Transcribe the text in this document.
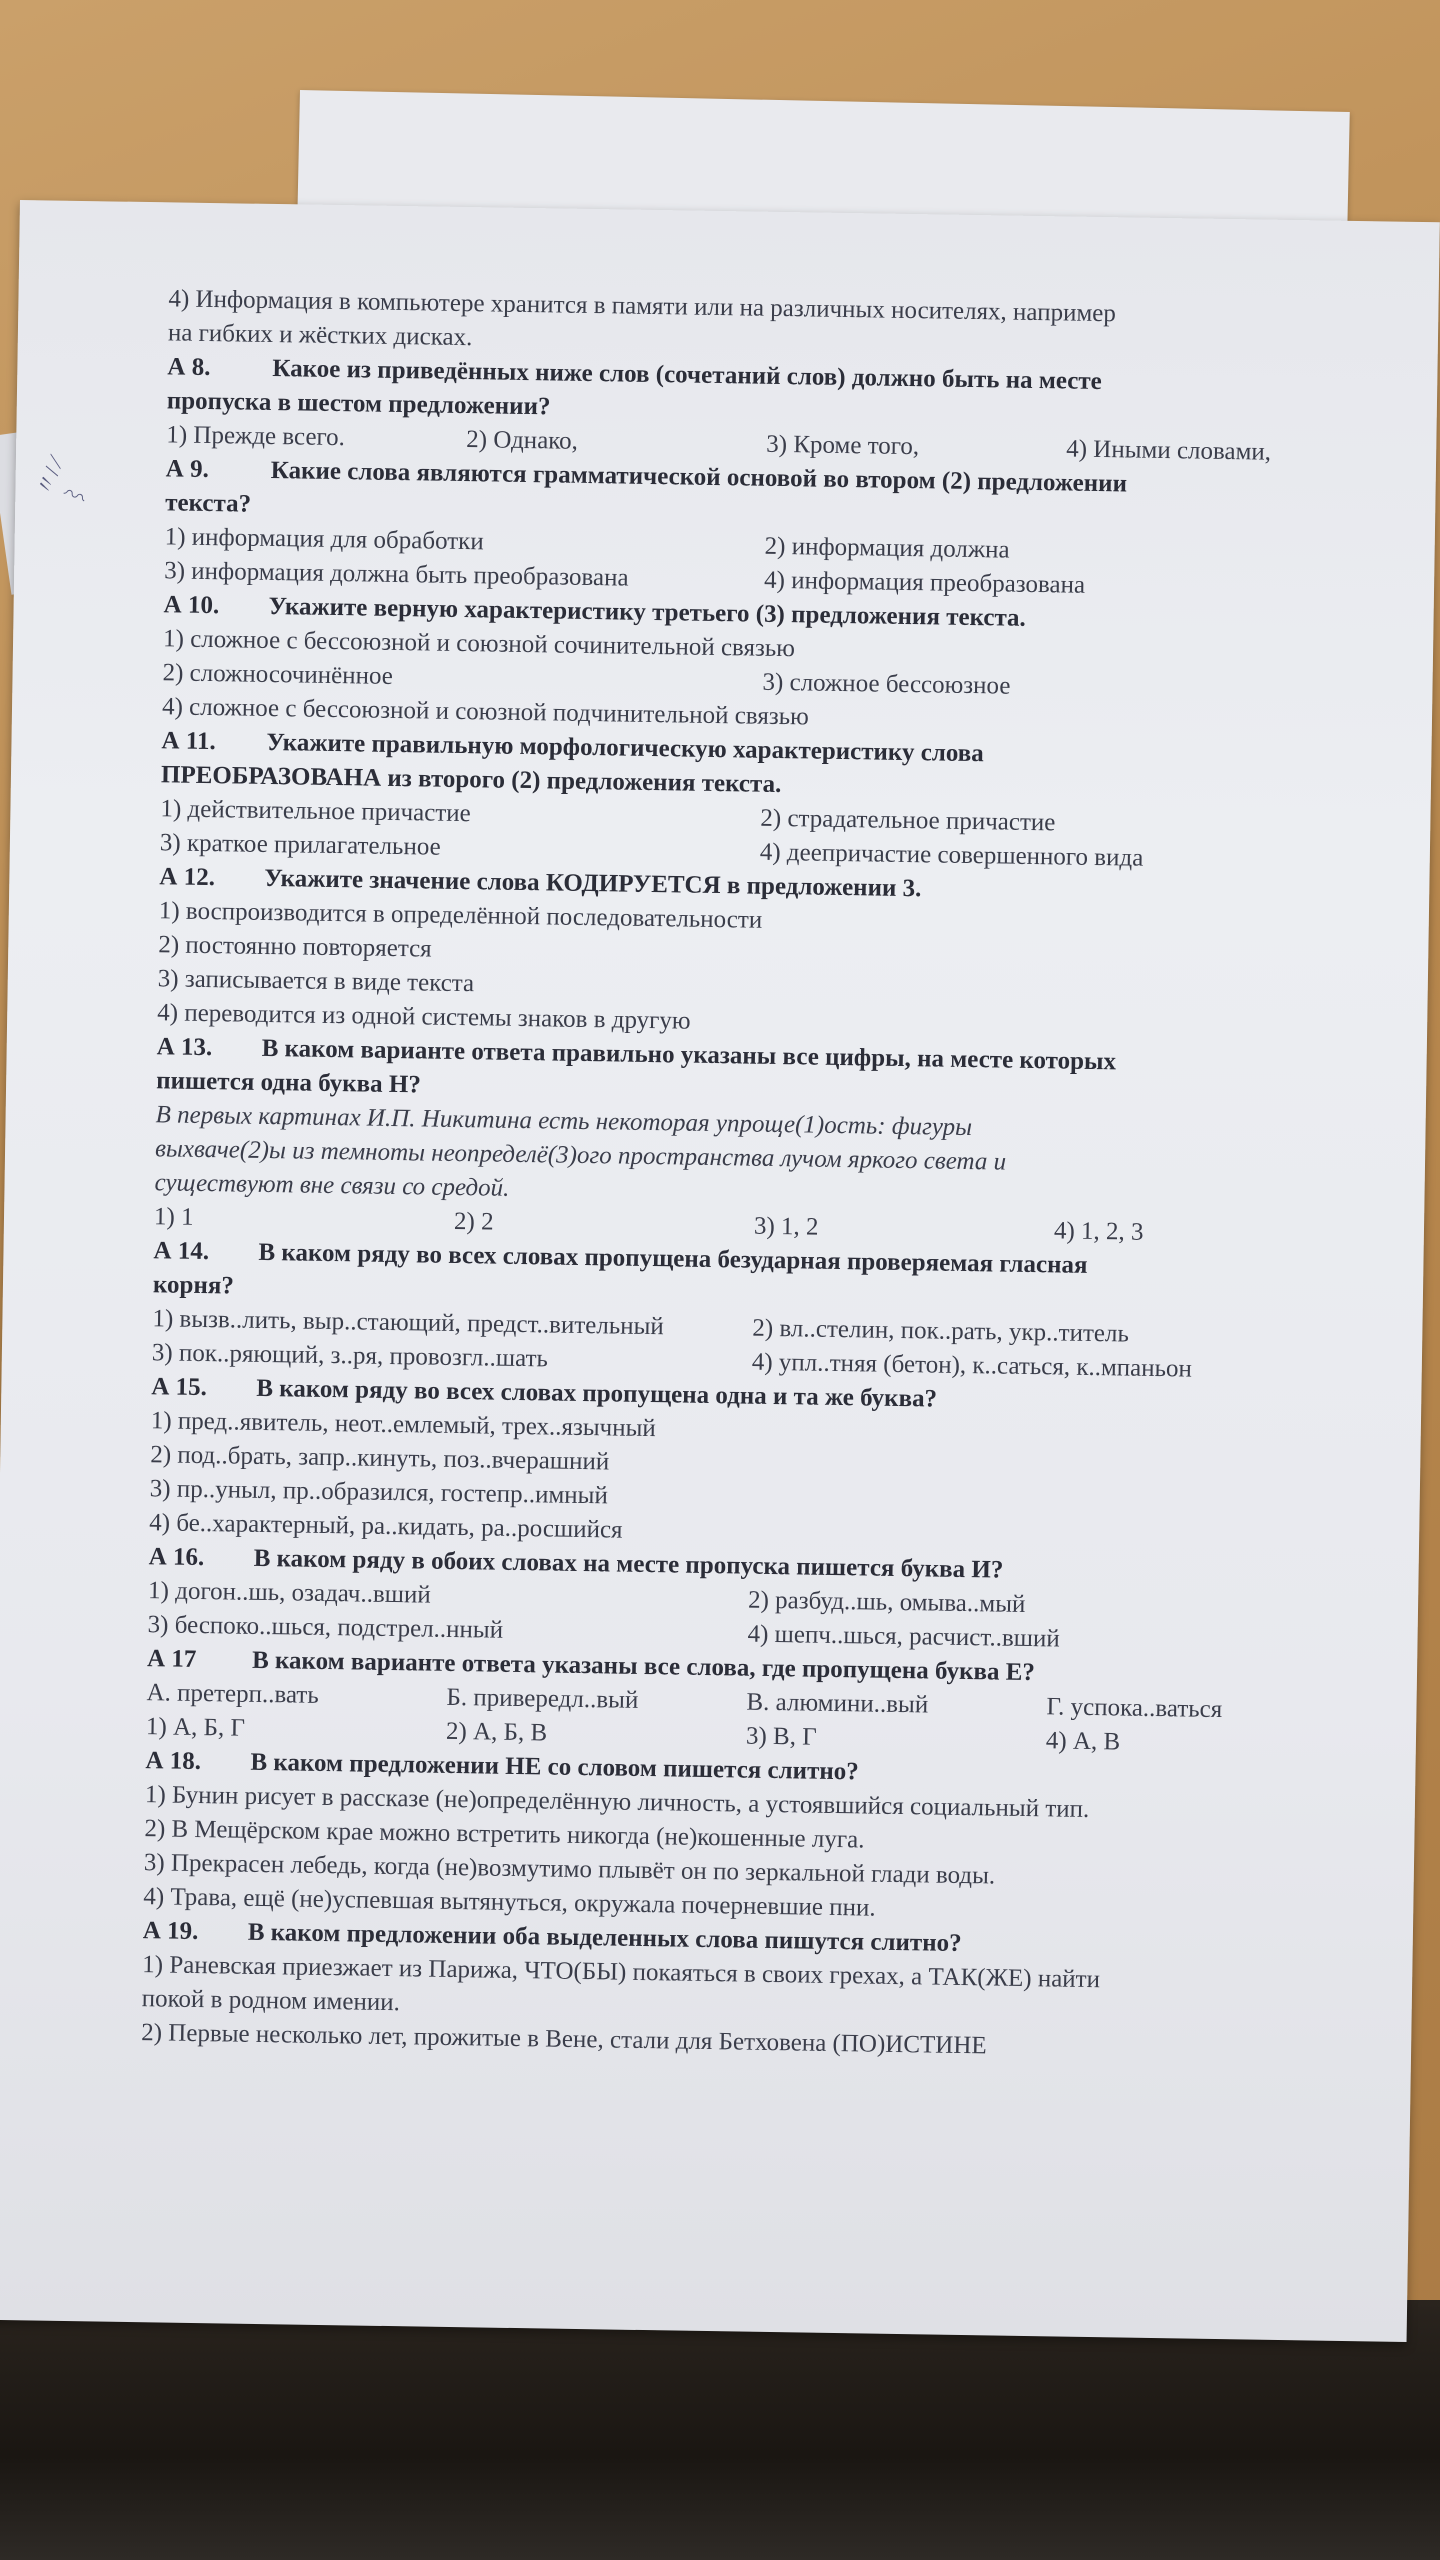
〃/ ∕ ⌇
4) Информация в компьютере хранится в памяти или на различных носителях, например
на гибких и жёстких дисках.
А 8. Какое из приведённых ниже слов (сочетаний слов) должно быть на месте
пропуска в шестом предложении?
1) Прежде всего.	2) Однако,	3) Кроме того,	4) Иными словами,
А 9. Какие слова являются грамматической основой во втором (2) предложении
текста?
1) информация для обработки	2) информация должна
3) информация должна быть преобразована	4) информация преобразована
А 10. Укажите верную характеристику третьего (3) предложения текста.
1) сложное с бессоюзной и союзной сочинительной связью
2) сложносочинённое	3) сложное бессоюзное
4) сложное с бессоюзной и союзной подчинительной связью
А 11. Укажите правильную морфологическую характеристику слова
ПРЕОБРАЗОВАНА из второго (2) предложения текста.
1) действительное причастие	2) страдательное причастие
3) краткое прилагательное	4) деепричастие совершенного вида
А 12. Укажите значение слова КОДИРУЕТСЯ в предложении 3.
1) воспроизводится в определённой последовательности
2) постоянно повторяется
3) записывается в виде текста
4) переводится из одной системы знаков в другую
А 13. В каком варианте ответа правильно указаны все цифры, на месте которых
пишется одна буква Н?
В первых картинах И.П. Никитина есть некоторая упроще(1)ость: фигуры
выхваче(2)ы из темноты неопределё(3)ого пространства лучом яркого света и
существуют вне связи со средой.
1) 1	2) 2	3) 1, 2	4) 1, 2, 3
А 14. В каком ряду во всех словах пропущена безударная проверяемая гласная
корня?
1) вызв..лить, выр..стающий, предст..вительный	2) вл..стелин, пок..рать, укр..титель
3) пок..ряющий, з..ря, провозгл..шать	4) упл..тняя (бетон), к..саться, к..мпаньон
А 15. В каком ряду во всех словах пропущена одна и та же буква?
1) пред..явитель, неот..емлемый, трех..язычный
2) под..брать, запр..кинуть, поз..вчерашний
3) пр..уныл, пр..образился, гостепр..имный
4) бе..характерный, ра..кидать, ра..росшийся
А 16. В каком ряду в обоих словах на месте пропуска пишется буква И?
1) догон..шь, озадач..вший	2) разбуд..шь, омыва..мый
3) беспоко..шься, подстрел..нный	4) шепч..шься, расчист..вший
А 17 В каком варианте ответа указаны все слова, где пропущена буква Е?
А. претерп..вать	Б. привередл..вый	В. алюмини..вый	Г. успока..ваться
1) А, Б, Г	2) А, Б, В	3) В, Г	4) А, В
А 18. В каком предложении НЕ со словом пишется слитно?
1) Бунин рисует в рассказе (не)определённую личность, а устоявшийся социальный тип.
2) В Мещёрском крае можно встретить никогда (не)кошенные луга.
3) Прекрасен лебедь, когда (не)возмутимо плывёт он по зеркальной глади воды.
4) Трава, ещё (не)успевшая вытянуться, окружала почерневшие пни.
А 19. В каком предложении оба выделенных слова пишутся слитно?
1) Раневская приезжает из Парижа, ЧТО(БЫ) покаяться в своих грехах, а ТАК(ЖЕ) найти
покой в родном имении.
2) Первые несколько лет, прожитые в Вене, стали для Бетховена (ПО)ИСТИНЕ
